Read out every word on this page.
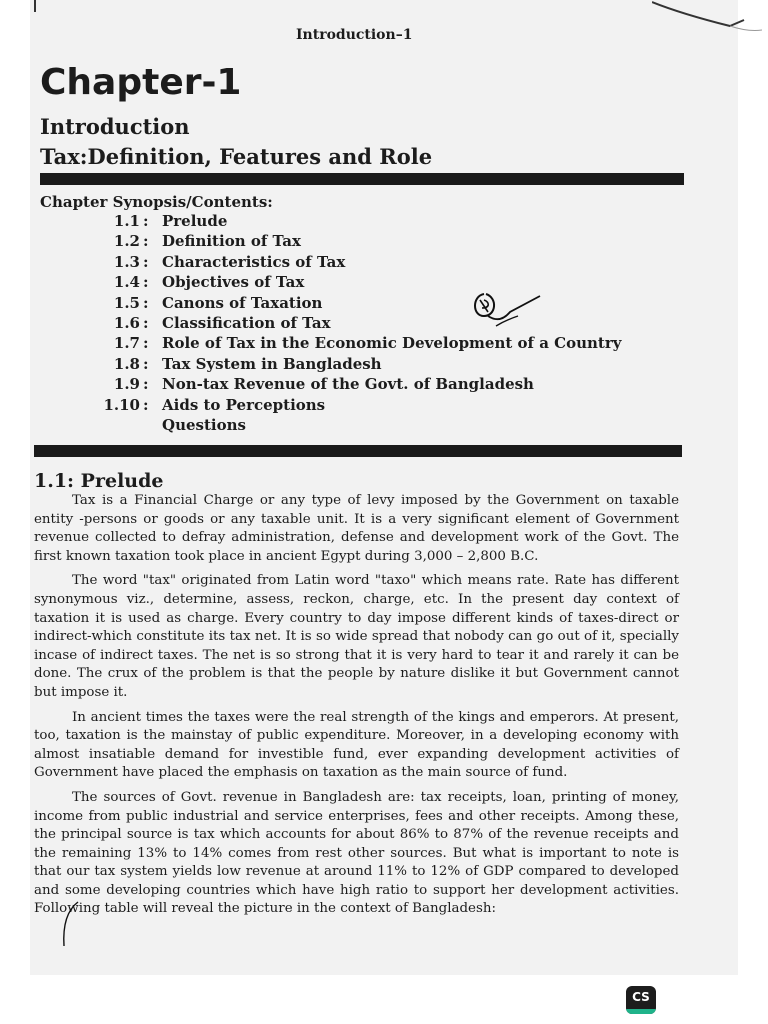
Introduction–1
Chapter-1
Introduction
Tax:Definition, Features and Role
Chapter Synopsis/Contents:
1.1 : Prelude
1.2 : Definition of Tax
1.3 : Characteristics of Tax
1.4 : Objectives of Tax
1.5 : Canons of Taxation
1.6 : Classification of Tax
1.7 : Role of Tax in the Economic Development of a Country
1.8 : Tax System in Bangladesh
1.9 : Non-tax Revenue of the Govt. of Bangladesh
1.10 : Aids to Perceptions
Questions
1.1: Prelude

Tax is a Financial Charge or any type of levy imposed by the Government on taxable entity -persons or goods or any taxable unit. It is a very significant element of Government revenue collected to defray administration, defense and development work of the Govt. The first known taxation took place in ancient Egypt during 3,000 – 2,800 B.C.

The word "tax" originated from Latin word "taxo" which means rate. Rate has different synonymous viz., determine, assess, reckon, charge, etc. In the present day context of taxation it is used as charge. Every country to day impose different kinds of taxes-direct or indirect-which constitute its tax net. It is so wide spread that nobody can go out of it, specially incase of indirect taxes. The net is so strong that it is very hard to tear it and rarely it can be done. The crux of the problem is that the people by nature dislike it but Government cannot but impose it.

In ancient times the taxes were the real strength of the kings and emperors. At present, too, taxation is the mainstay of public expenditure. Moreover, in a developing economy with almost insatiable demand for investible fund, ever expanding development activities of Government have placed the emphasis on taxation as the main source of fund.

The sources of Govt. revenue in Bangladesh are: tax receipts, loan, printing of money, income from public industrial and service enterprises, fees and other receipts. Among these, the principal source is tax which accounts for about 86% to 87% of the revenue receipts and the remaining 13% to 14% comes from rest other sources. But what is important to note is that our tax system yields low revenue at around 11% to 12% of GDP compared to developed and some developing countries which have high ratio to support her development activities. Following table will reveal the picture in the context of Bangladesh:

CS
